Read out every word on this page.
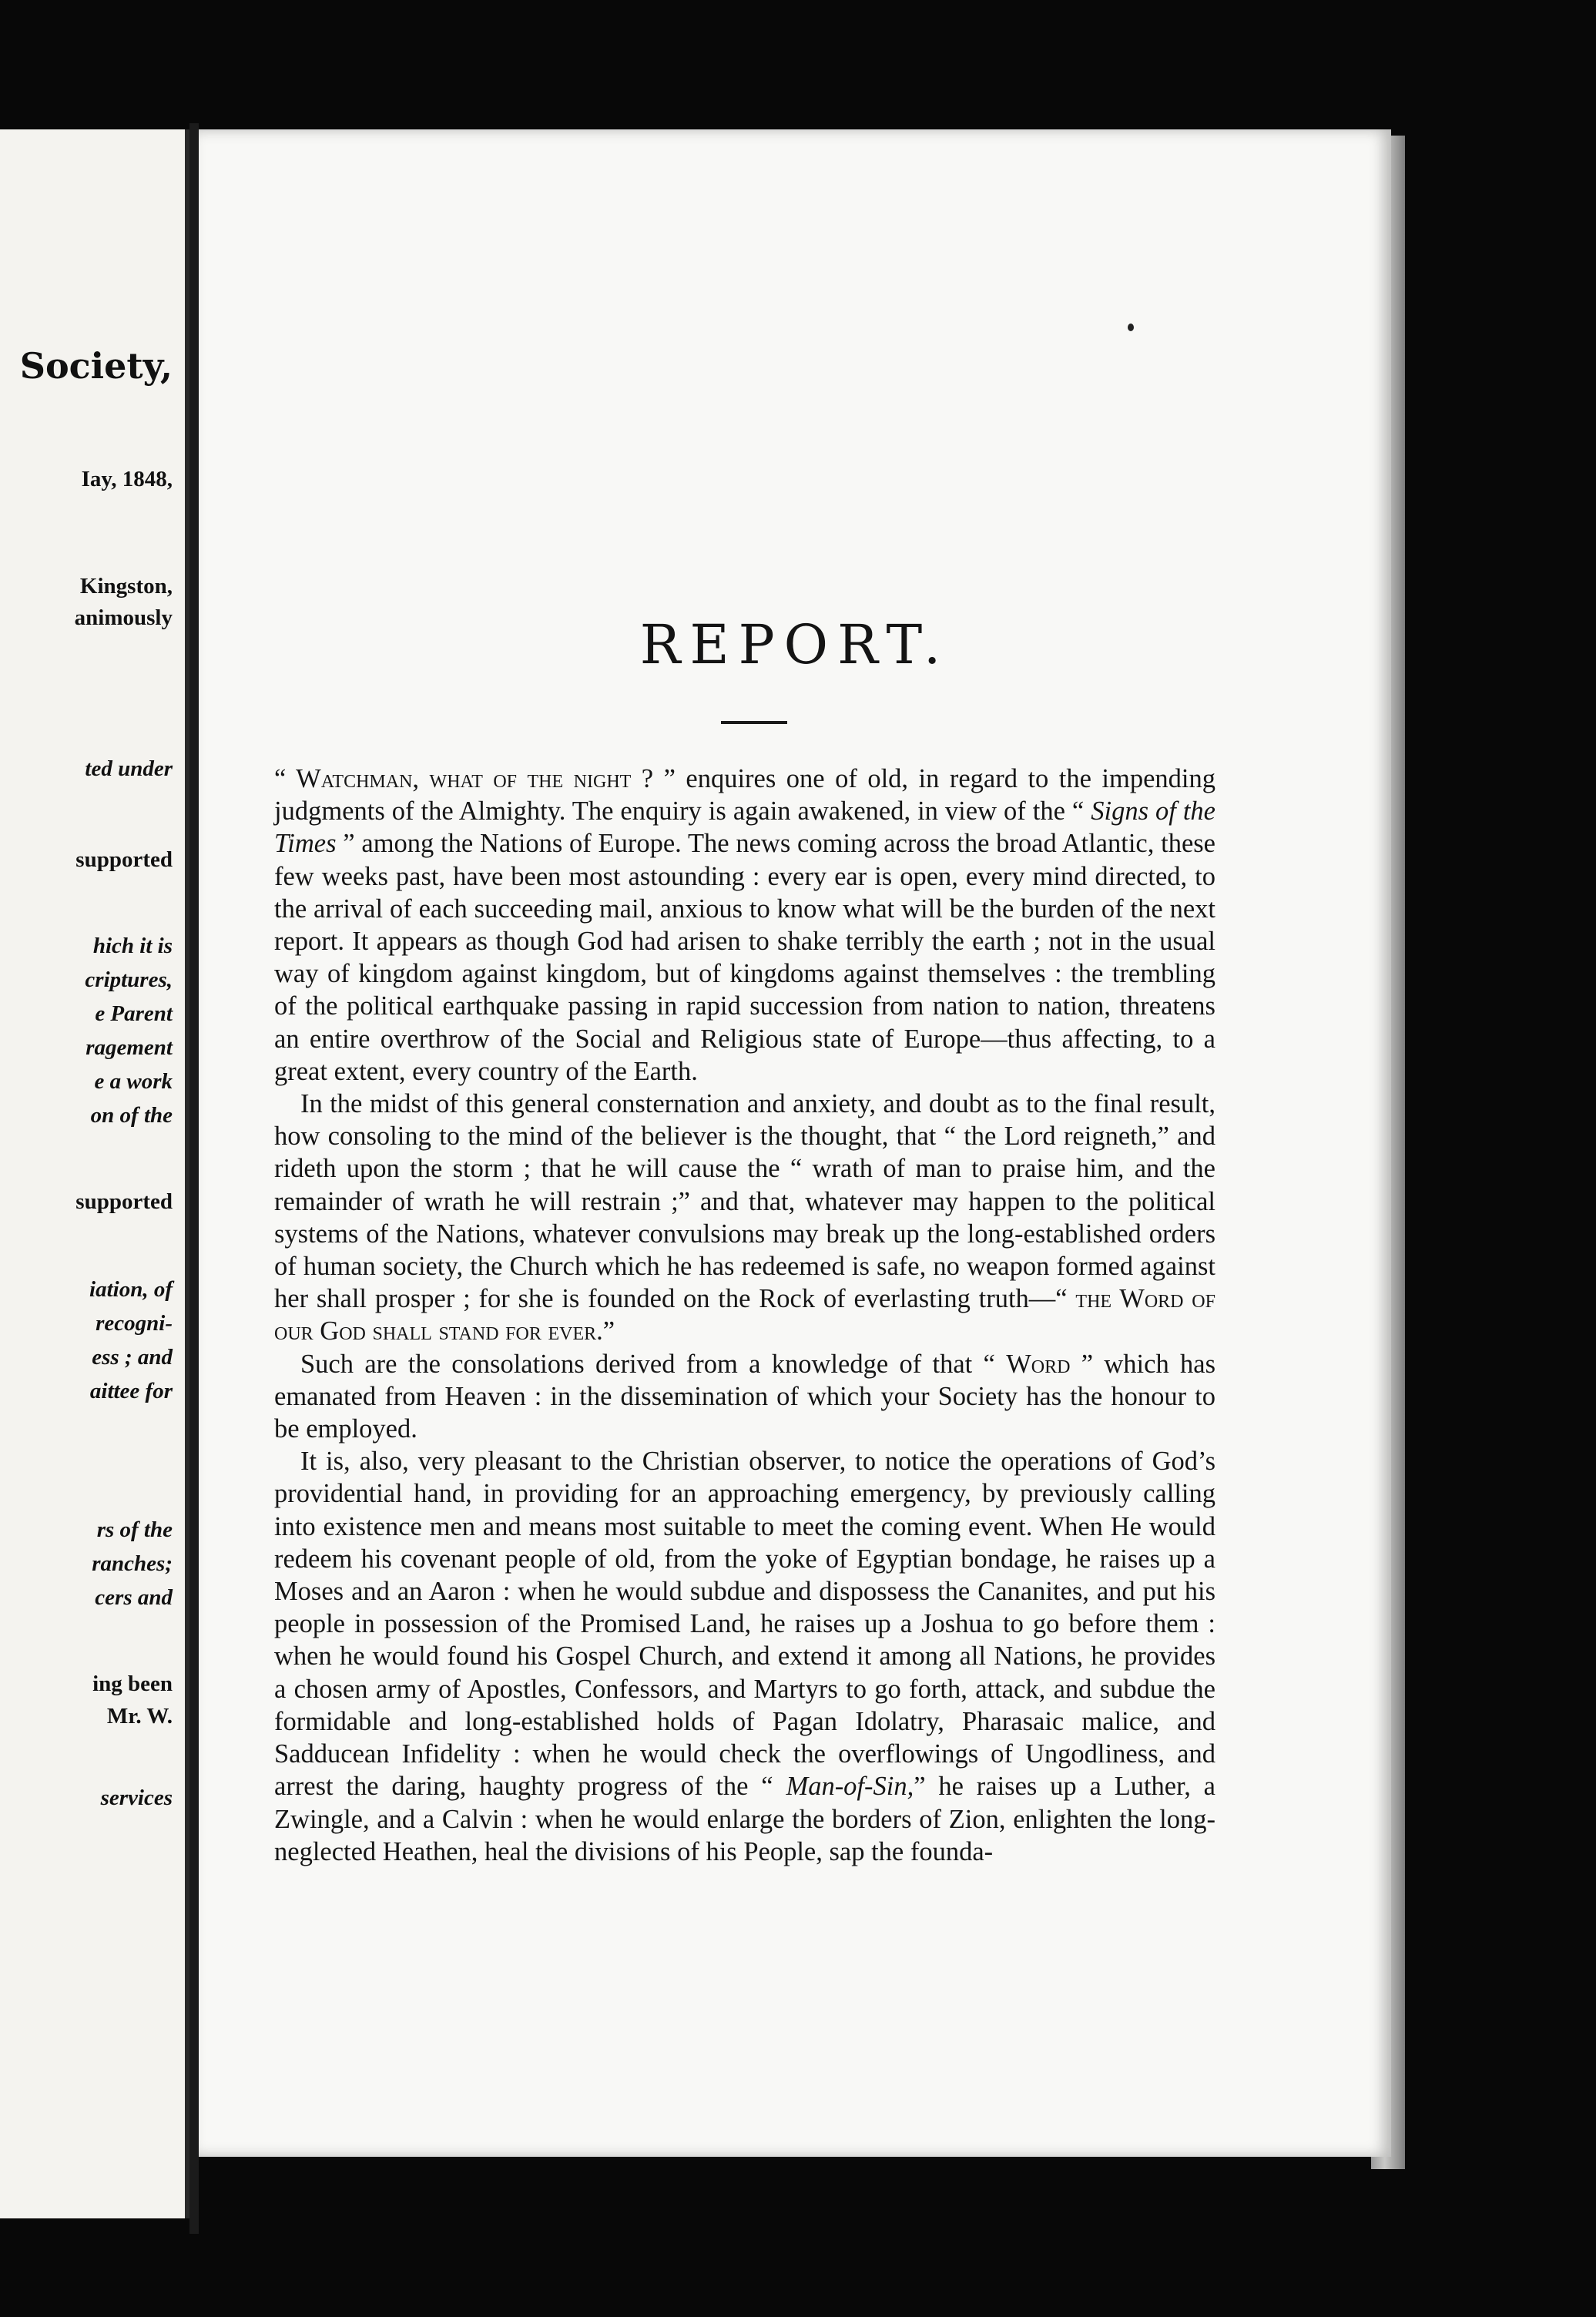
Society,
Iay, 1848,
Kingston,
animously
ted under
supported
hich it is
criptures,
e Parent
ragement
e a work
on of the
supported
iation, of
recogni-
ess ; and
aittee for
rs of the
ranches;
cers and
ing been
Mr. W.
services
REPORT.

“ Watchman, what of the night ? ” enquires one of old, in regard to the impending judgments of the Almighty. The enquiry is again awakened, in view of the “ Signs of the Times ” among the Nations of Europe. The news coming across the broad Atlantic, these few weeks past, have been most astounding : every ear is open, every mind directed, to the arrival of each succeeding mail, anxious to know what will be the burden of the next report. It appears as though God had arisen to shake terribly the earth ; not in the usual way of kingdom against kingdom, but of kingdoms against themselves : the trembling of the political earthquake passing in rapid succession from nation to nation, threatens an entire overthrow of the Social and Religious state of Europe—thus affecting, to a great extent, every country of the Earth.

In the midst of this general consternation and anxiety, and doubt as to the final result, how consoling to the mind of the believer is the thought, that “ the Lord reigneth,” and rideth upon the storm ; that he will cause the “ wrath of man to praise him, and the remainder of wrath he will restrain ;” and that, whatever may happen to the political systems of the Nations, whatever convulsions may break up the long-established orders of human society, the Church which he has redeemed is safe, no weapon formed against her shall prosper ; for she is founded on the Rock of everlasting truth—“ the Word of our God shall stand for ever.”

Such are the consolations derived from a knowledge of that “ Word ” which has emanated from Heaven : in the dissemination of which your Society has the honour to be employed.

It is, also, very pleasant to the Christian observer, to notice the operations of God’s providential hand, in providing for an approaching emergency, by previously calling into existence men and means most suitable to meet the coming event. When He would redeem his covenant people of old, from the yoke of Egyptian bondage, he raises up a Moses and an Aaron : when he would subdue and dispossess the Cananites, and put his people in possession of the Promised Land, he raises up a Joshua to go before them : when he would found his Gospel Church, and extend it among all Nations, he provides a chosen army of Apostles, Confessors, and Martyrs to go forth, attack, and subdue the formidable and long-established holds of Pagan Idolatry, Pharasaic malice, and Sadducean Infidelity : when he would check the overflowings of Ungodliness, and arrest the daring, haughty progress of the “ Man-of-Sin,” he raises up a Luther, a Zwingle, and a Calvin : when he would enlarge the borders of Zion, enlighten the long-neglected Heathen, heal the divisions of his People, sap the founda-
